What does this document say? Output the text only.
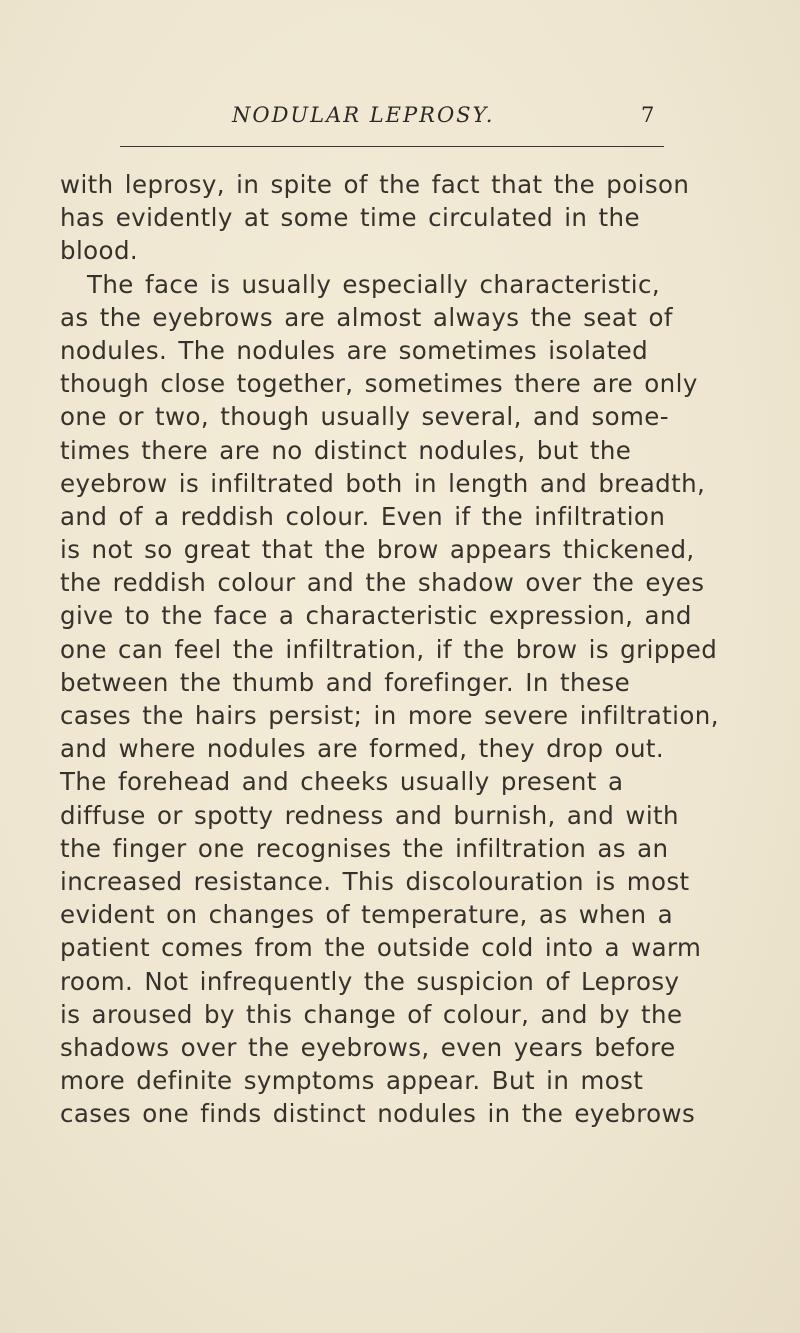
NODULAR LEPROSY.	7
with leprosy, in spite of the fact that the poison
has evidently at some time circulated in the
blood.
The face is usually especially characteristic,
as the eyebrows are almost always the seat of
nodules. The nodules are sometimes isolated
though close together, sometimes there are only
one or two, though usually several, and some-
times there are no distinct nodules, but the
eyebrow is infiltrated both in length and breadth,
and of a reddish colour. Even if the infiltration
is not so great that the brow appears thickened,
the reddish colour and the shadow over the eyes
give to the face a characteristic expression, and
one can feel the infiltration, if the brow is gripped
between the thumb and forefinger. In these
cases the hairs persist; in more severe infiltration,
and where nodules are formed, they drop out.
The forehead and cheeks usually present a
diffuse or spotty redness and burnish, and with
the finger one recognises the infiltration as an
increased resistance. This discolouration is most
evident on changes of temperature, as when a
patient comes from the outside cold into a warm
room. Not infrequently the suspicion of Leprosy
is aroused by this change of colour, and by the
shadows over the eyebrows, even years before
more definite symptoms appear. But in most
cases one finds distinct nodules in the eyebrows
